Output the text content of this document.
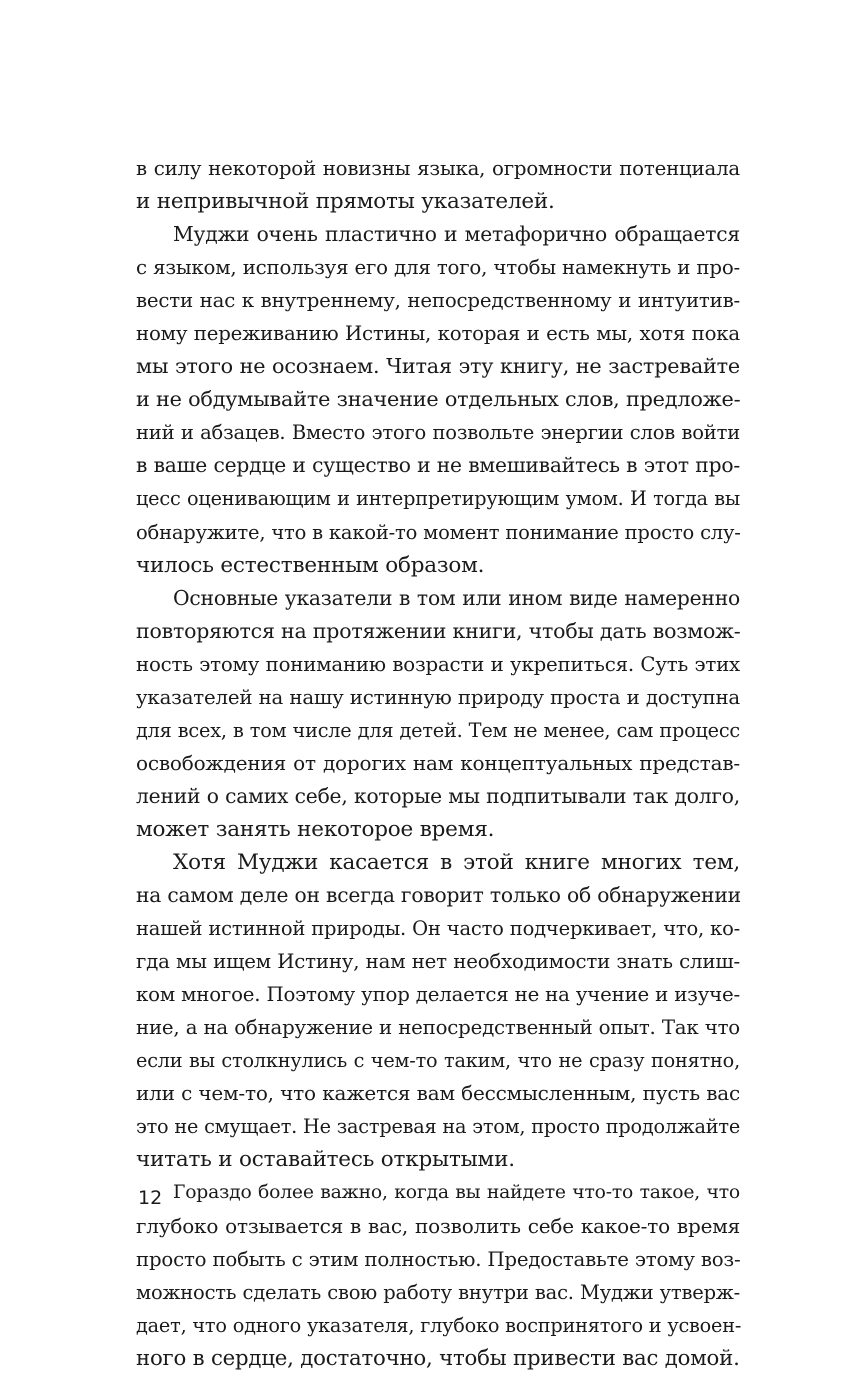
в силу некоторой новизны языка, огромности потенциала
и непривычной прямоты указателей.
Муджи очень пластично и метафорично обращается
с языком, используя его для того, чтобы намекнуть и про-
вести нас к внутреннему, непосредственному и интуитив-
ному переживанию Истины, которая и есть мы, хотя пока
мы этого не осознаем. Читая эту книгу, не застревайте
и не обдумывайте значение отдельных слов, предложе-
ний и абзацев. Вместо этого позвольте энергии слов войти
в ваше сердце и существо и не вмешивайтесь в этот про-
цесс оценивающим и интерпретирующим умом. И тогда вы
обнаружите, что в какой-то момент понимание просто слу-
чилось естественным образом.
Основные указатели в том или ином виде намеренно
повторяются на протяжении книги, чтобы дать возмож-
ность этому пониманию возрасти и укрепиться. Суть этих
указателей на нашу истинную природу проста и доступна
для всех, в том числе для детей. Тем не менее, сам процесс
освобождения от дорогих нам концептуальных представ-
лений о самих себе, которые мы подпитывали так долго,
может занять некоторое время.
Хотя Муджи касается в этой книге многих тем,
на самом деле он всегда говорит только об обнаружении
нашей истинной природы. Он часто подчеркивает, что, ко-
гда мы ищем Истину, нам нет необходимости знать слиш-
ком многое. Поэтому упор делается не на учение и изуче-
ние, а на обнаружение и непосредственный опыт. Так что
если вы столкнулись с чем-то таким, что не сразу понятно,
или с чем-то, что кажется вам бессмысленным, пусть вас
это не смущает. Не застревая на этом, просто продолжайте
читать и оставайтесь открытыми.
Гораздо более важно, когда вы найдете что-то такое, что
глубоко отзывается в вас, позволить себе какое-то время
просто побыть с этим полностью. Предоставьте этому воз-
можность сделать свою работу внутри вас. Муджи утверж-
дает, что одного указателя, глубоко воспринятого и усвоен-
ного в сердце, достаточно, чтобы привести вас домой.
12
